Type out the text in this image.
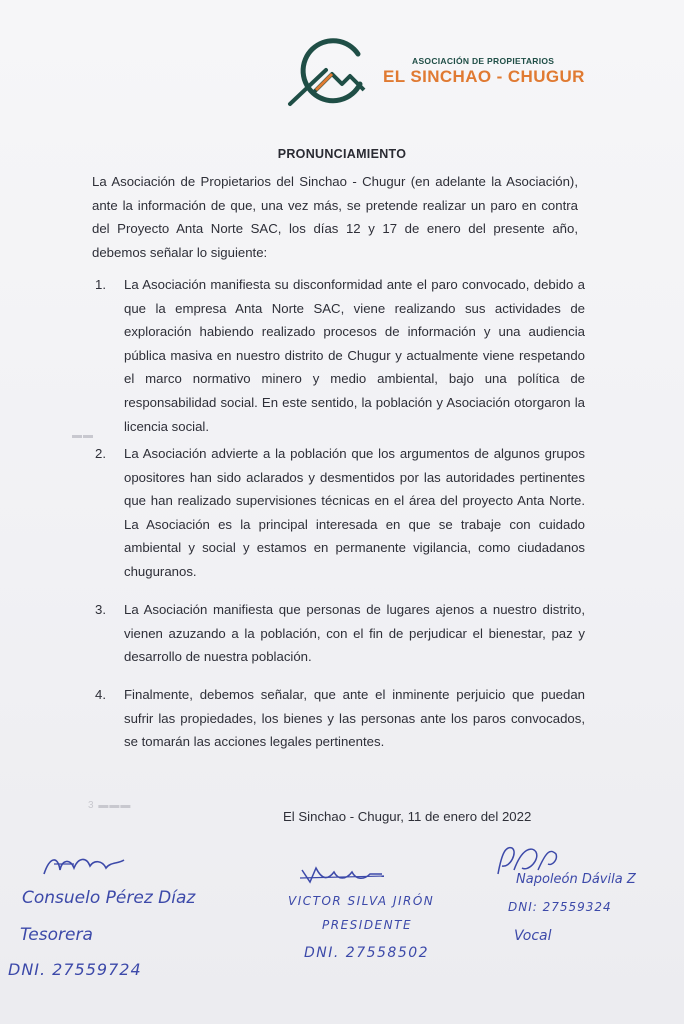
ASOCIACIÓN DE PROPIETARIOS
EL SINCHAO - CHUGUR
PRONUNCIAMIENTO
La Asociación de Propietarios del Sinchao - Chugur (en adelante la Asociación), ante la información de que, una vez más, se pretende realizar un paro en contra del Proyecto Anta Norte SAC, los días 12 y 17 de enero del presente año, debemos señalar lo siguiente:
1.	La Asociación manifiesta su disconformidad ante el paro convocado, debido a que la empresa Anta Norte SAC, viene realizando sus actividades de exploración habiendo realizado procesos de información y una audiencia pública masiva en nuestro distrito de Chugur y actualmente viene respetando el marco normativo minero y medio ambiental, bajo una política de responsabilidad social. En este sentido, la población y Asociación otorgaron la licencia social.
2.	La Asociación advierte a la población que los argumentos de algunos grupos opositores han sido aclarados y desmentidos por las autoridades pertinentes que han realizado supervisiones técnicas en el área del proyecto Anta Norte. La Asociación es la principal interesada en que se trabaje con cuidado ambiental y social y estamos en permanente vigilancia, como ciudadanos chuguranos.
3.	La Asociación manifiesta que personas de lugares ajenos a nuestro distrito, vienen azuzando a la población, con el fin de perjudicar el bienestar, paz y desarrollo de nuestra población.
4.	Finalmente, debemos señalar, que ante el inminente perjuicio que puedan sufrir las propiedades, los bienes y las personas ante los paros convocados, se tomarán las acciones legales pertinentes.
3 ▬▬▬
▬▬
El Sinchao - Chugur, 11 de enero del 2022
Consuelo Pérez Díaz
Tesorera
DNI. 27559724
VICTOR SILVA JIRÓN
PRESIDENTE
DNI. 27558502
Napoleón Dávila Z
DNI: 27559324
Vocal
